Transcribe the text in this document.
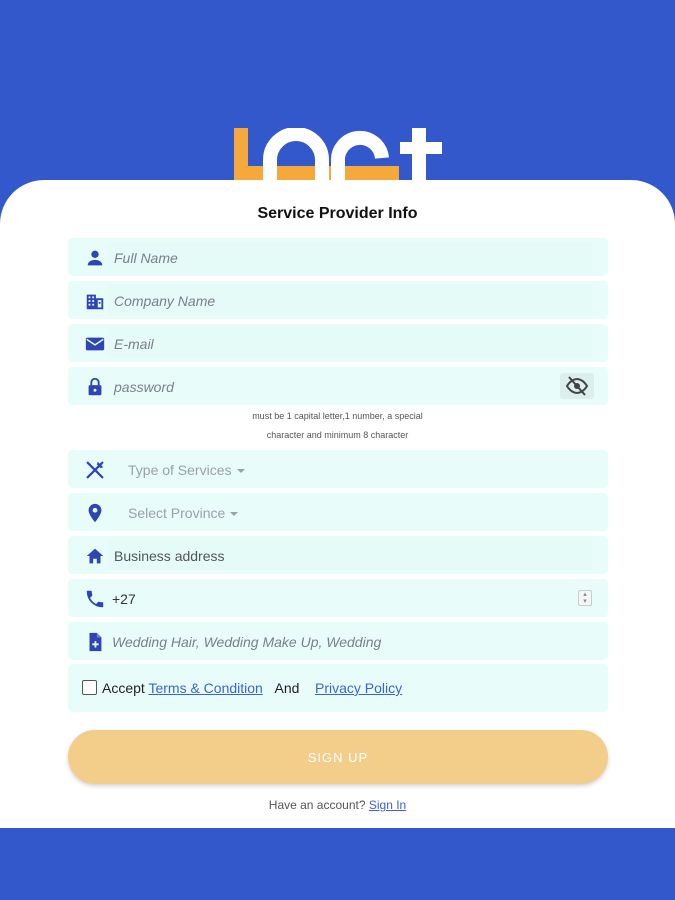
Service Provider Info
Full Name
Company Name
E-mail
password
must be 1 capital letter,1 number, a special
character and minimum 8 character
Type of Services
Select Province
Business address
+27	▴
▾
Wedding Hair, Wedding Make Up, Wedding
Accept Terms & Condition And Privacy Policy
SIGN UP
Have an account? Sign In
